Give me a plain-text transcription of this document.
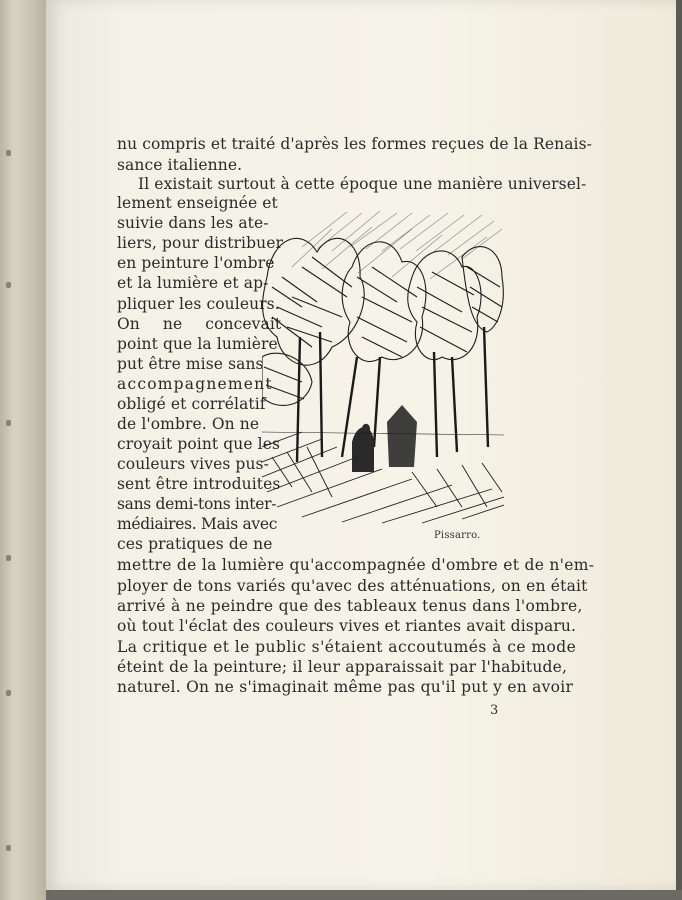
nu compris et traité d'après les formes reçues de la Renais-
sance italienne.
Il existait surtout à cette époque une manière universel-
lement enseignée et
suivie dans les ate-
liers, pour distribuer
en peinture l'ombre
et la lumière et ap-
pliquer les couleurs.
On ne concevait
point que la lumière
put être mise sans
accompagnement
obligé et corrélatif
de l'ombre. On ne
croyait point que les
couleurs vives pus-
sent être introduites
sans demi-tons inter-
médiaires. Mais avec
ces pratiques de ne	Pissarro.
mettre de la lumière qu'accompagnée d'ombre et de n'em-
ployer de tons variés qu'avec des atténuations, on en était
arrivé à ne peindre que des tableaux tenus dans l'ombre,
où tout l'éclat des couleurs vives et riantes avait disparu.
La critique et le public s'étaient accoutumés à ce mode
éteint de la peinture; il leur apparaissait par l'habitude,
naturel. On ne s'imaginait même pas qu'il put y en avoir
3
